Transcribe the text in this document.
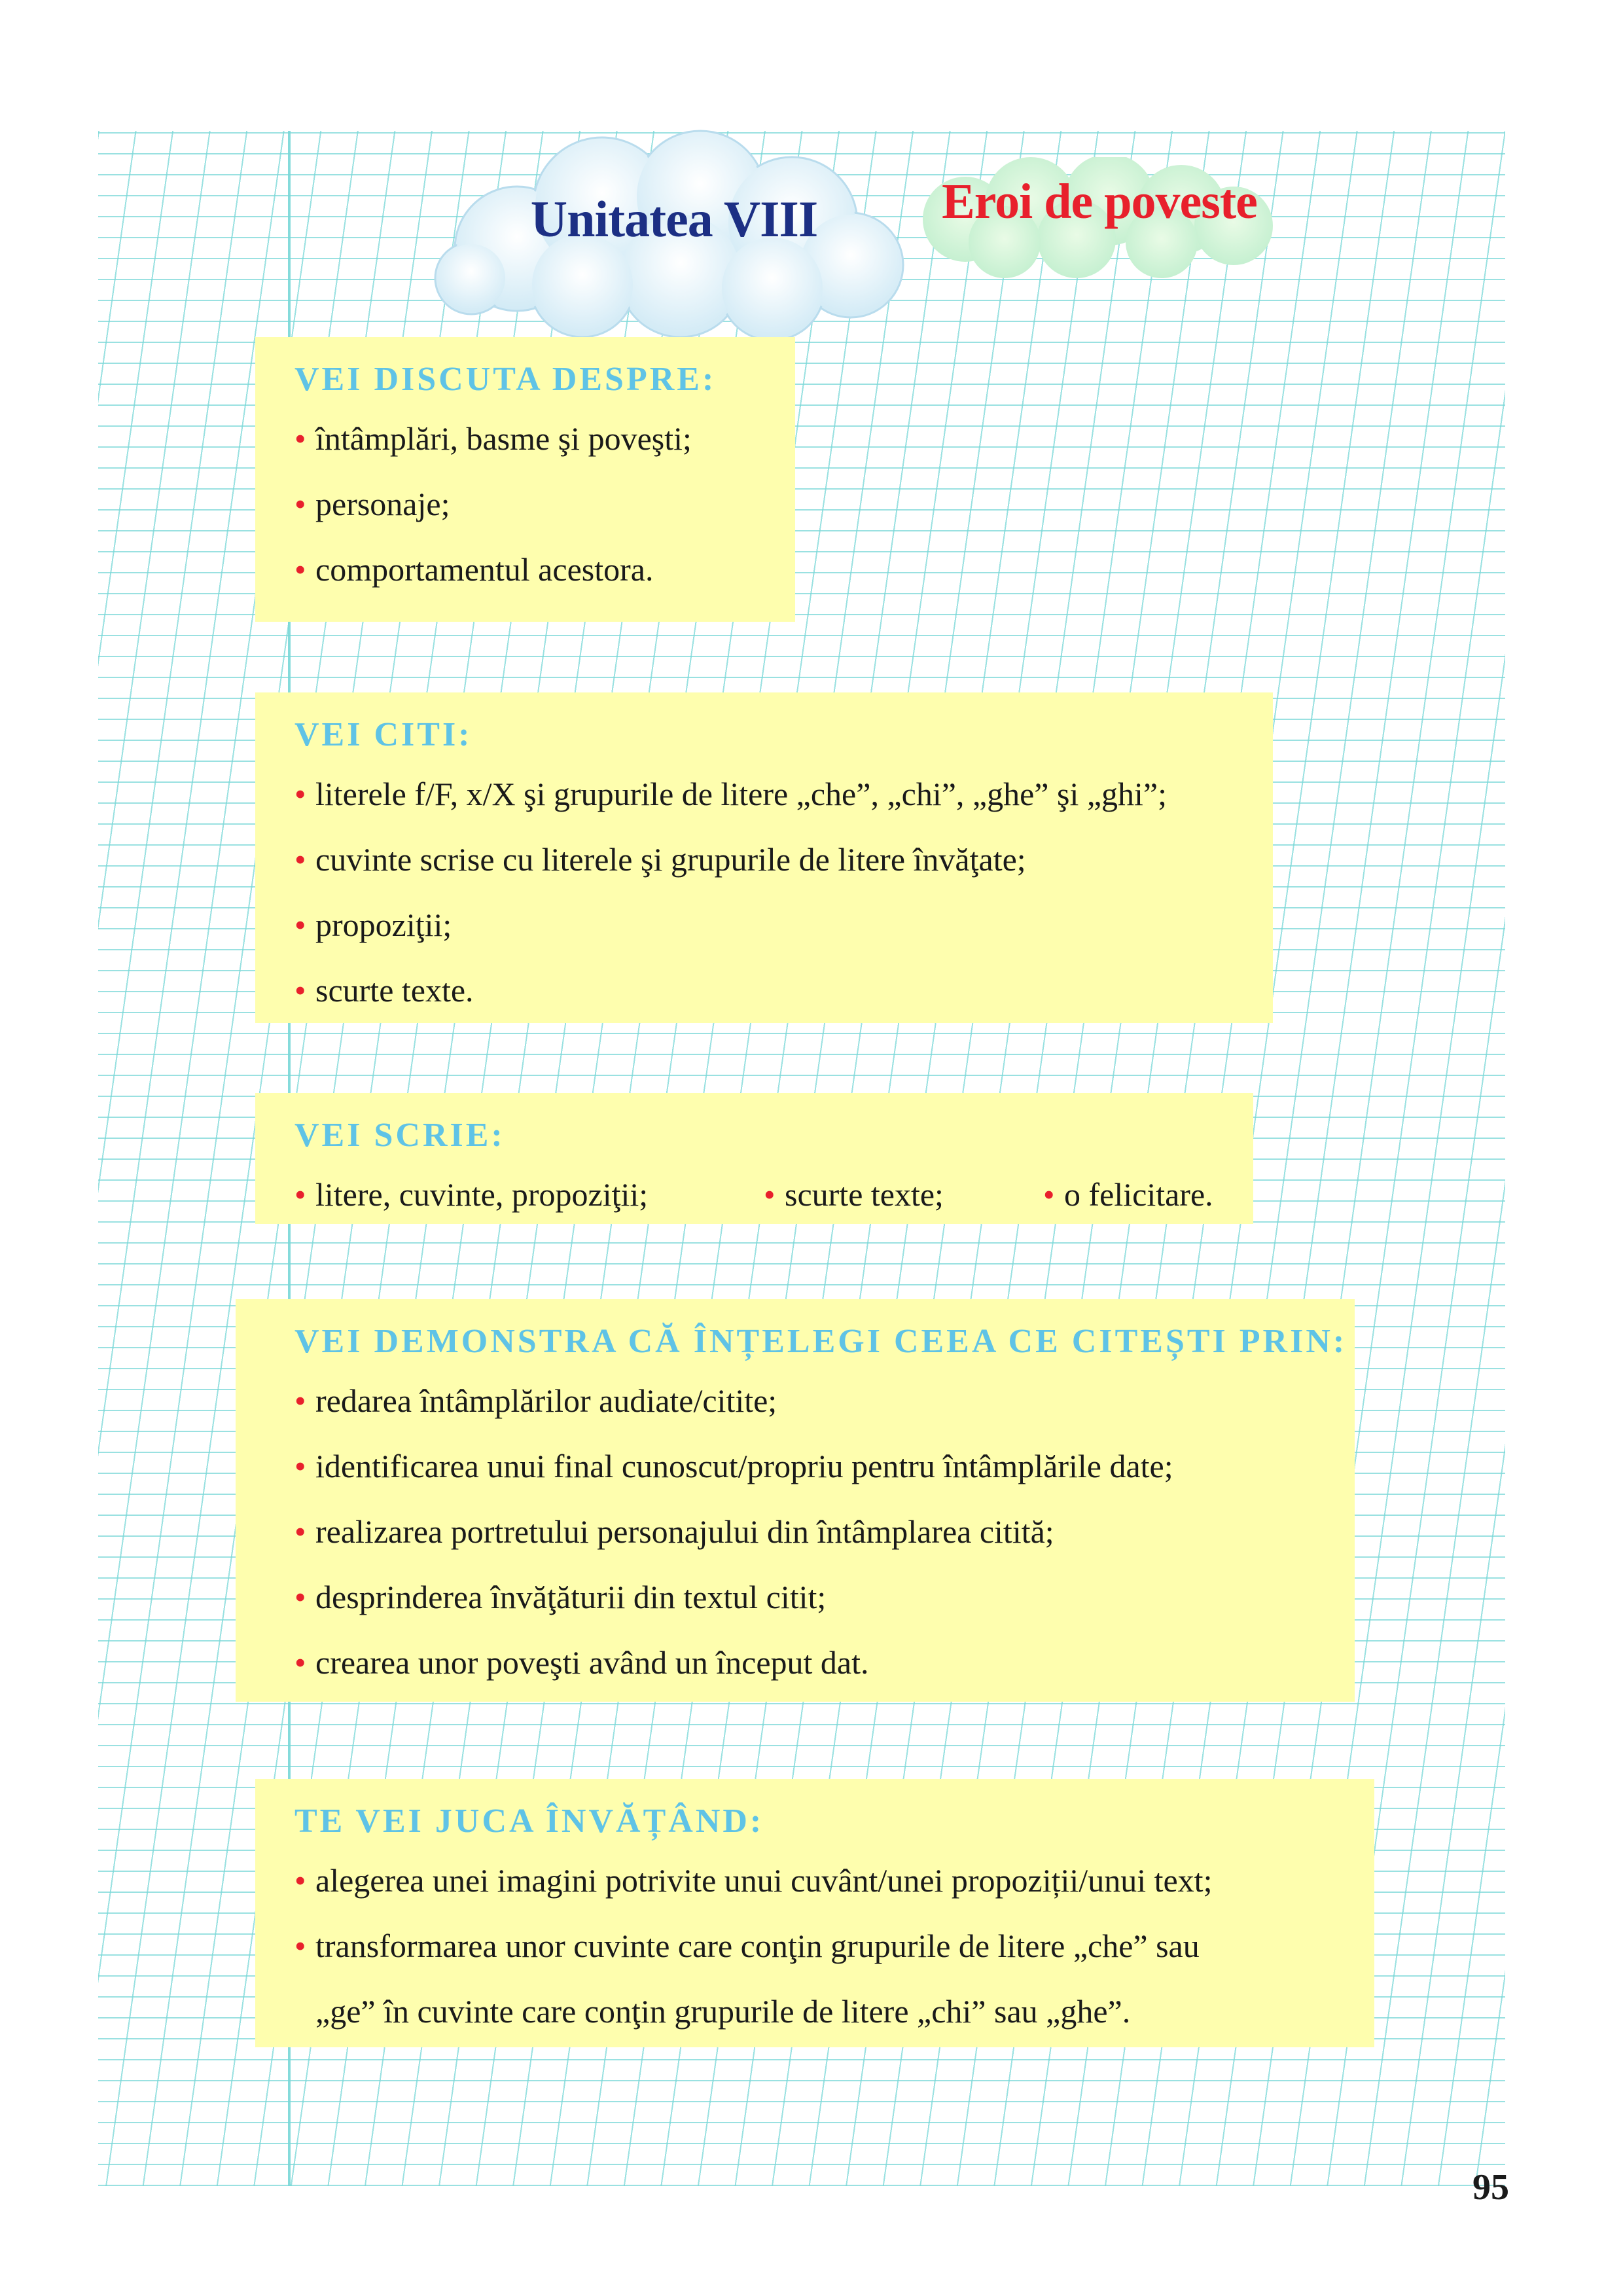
Unitatea VIII	Eroi de poveste
VEI DISCUTA DESPRE:
• întâmplări, basme şi poveşti;
• personaje;
• comportamentul acestora.
VEI CITI:
• literele f/F, x/X şi grupurile de litere „che”, „chi”, „ghe” şi „ghi”;
• cuvinte scrise cu literele şi grupurile de litere învăţate;
• propoziţii;
• scurte texte.
VEI SCRIE:
• litere, cuvinte, propoziţii;	• scurte texte;	• o felicitare.
VEI DEMONSTRA CĂ ÎNȚELEGI CEEA CE CITEȘTI PRIN:
• redarea întâmplărilor audiate/citite;
• identificarea unui final cunoscut/propriu pentru întâmplările date;
• realizarea portretului personajului din întâmplarea citită;
• desprinderea învăţăturii din textul citit;
• crearea unor poveşti având un început dat.
TE VEI JUCA ÎNVĂȚÂND:
• alegerea unei imagini potrivite unui cuvânt/unei propoziții/unui text;
• transformarea unor cuvinte care conţin grupurile de litere „che” sau
„ge” în cuvinte care conţin grupurile de litere „chi” sau „ghe”.
95
